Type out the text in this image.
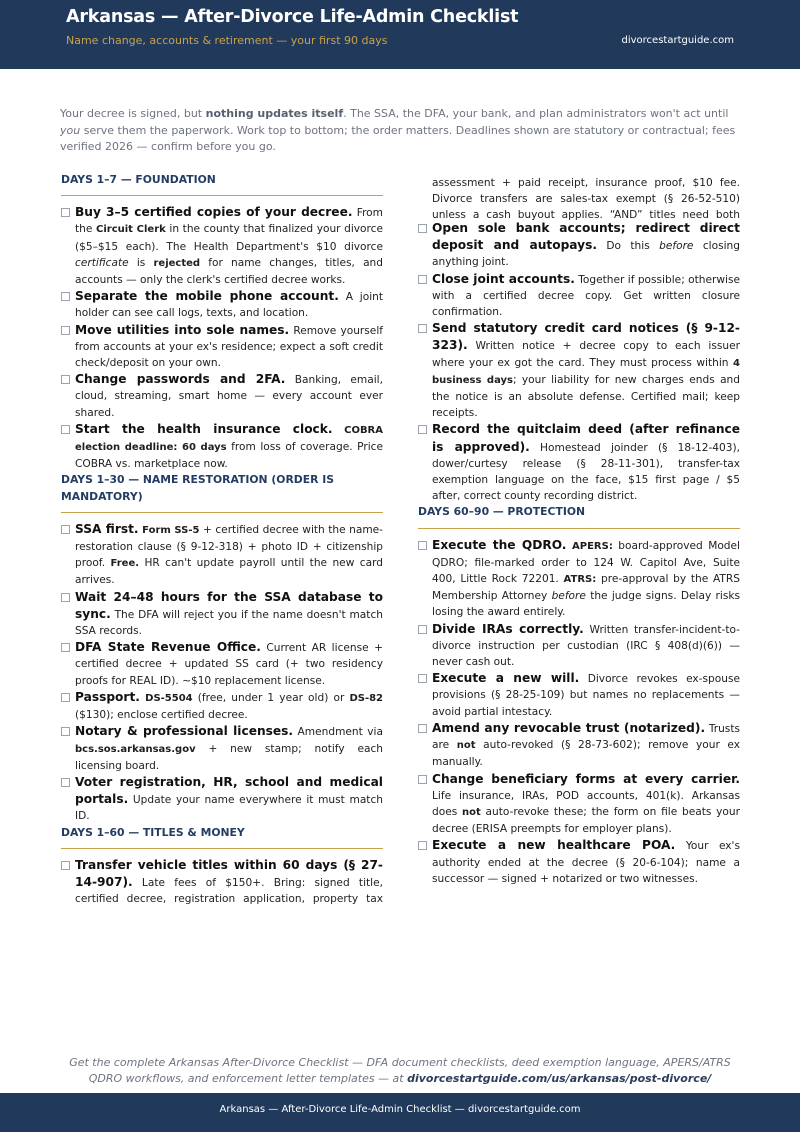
Arkansas — After-Divorce Life-Admin Checklist
Name change, accounts & retirement — your first 90 days	divorcestartguide.com
Your decree is signed, but nothing updates itself. The SSA, the DFA, your bank, and plan administrators won't act until you serve them the paperwork. Work top to bottom; the order matters. Deadlines shown are statutory or contractual; fees verified 2026 — confirm before you go.
DAYS 1–7 — FOUNDATION
Buy 3–5 certified copies of your decree. From the Circuit Clerk in the county that finalized your divorce ($5–$15 each). The Health Department's $10 divorce certificate is rejected for name changes, titles, and accounts — only the clerk's certified decree works.
Separate the mobile phone account. A joint holder can see call logs, texts, and location.
Move utilities into sole names. Remove yourself from accounts at your ex's residence; expect a soft credit check/deposit on your own.
Change passwords and 2FA. Banking, email, cloud, streaming, smart home — every account ever shared.
Start the health insurance clock. COBRA election deadline: 60 days from loss of coverage. Price COBRA vs. marketplace now.
DAYS 1–30 — NAME RESTORATION (ORDER IS MANDATORY)
SSA first. Form SS-5 + certified decree with the name-restoration clause (§ 9-12-318) + photo ID + citizenship proof. Free. HR can't update payroll until the new card arrives.
Wait 24–48 hours for the SSA database to sync. The DFA will reject you if the name doesn't match SSA records.
DFA State Revenue Office. Current AR license + certified decree + updated SS card (+ two residency proofs for REAL ID). ∼$10 replacement license.
Passport. DS-5504 (free, under 1 year old) or DS-82 ($130); enclose certified decree.
Notary & professional licenses. Amendment via bcs.sos.arkansas.gov + new stamp; notify each licensing board.
Voter registration, HR, school and medical portals. Update your name everywhere it must match ID.
DAYS 1–60 — TITLES & MONEY
Transfer vehicle titles within 60 days (§ 27-14-907). Late fees of $150+. Bring: signed title, certified decree, registration application, property tax
assessment + paid receipt, insurance proof, $10 fee. Divorce transfers are sales-tax exempt (§ 26-52-510) unless a cash buyout applies. “AND” titles need both
Open sole bank accounts; redirect direct deposit and autopays. Do this before closing anything joint.
Close joint accounts. Together if possible; otherwise with a certified decree copy. Get written closure confirmation.
Send statutory credit card notices (§ 9-12-323). Written notice + decree copy to each issuer where your ex got the card. They must process within 4 business days; your liability for new charges ends and the notice is an absolute defense. Certified mail; keep receipts.
Record the quitclaim deed (after refinance is approved). Homestead joinder (§ 18-12-403), dower/curtesy release (§ 28-11-301), transfer-tax exemption language on the face, $15 first page / $5 after, correct county recording district.
DAYS 60–90 — PROTECTION
Execute the QDRO. APERS: board-approved Model QDRO; file-marked order to 124 W. Capitol Ave, Suite 400, Little Rock 72201. ATRS: pre-approval by the ATRS Membership Attorney before the judge signs. Delay risks losing the award entirely.
Divide IRAs correctly. Written transfer-incident-to-divorce instruction per custodian (IRC § 408(d)(6)) — never cash out.
Execute a new will. Divorce revokes ex-spouse provisions (§ 28-25-109) but names no replacements — avoid partial intestacy.
Amend any revocable trust (notarized). Trusts are not auto-revoked (§ 28-73-602); remove your ex manually.
Change beneficiary forms at every carrier. Life insurance, IRAs, POD accounts, 401(k). Arkansas does not auto-revoke these; the form on file beats your decree (ERISA preempts for employer plans).
Execute a new healthcare POA. Your ex's authority ended at the decree (§ 20-6-104); name a successor — signed + notarized or two witnesses.
Get the complete Arkansas After-Divorce Checklist — DFA document checklists, deed exemption language, APERS/ATRS QDRO workflows, and enforcement letter templates — at divorcestartguide.com/us/arkansas/post-divorce/
Arkansas — After-Divorce Life-Admin Checklist — divorcestartguide.com
